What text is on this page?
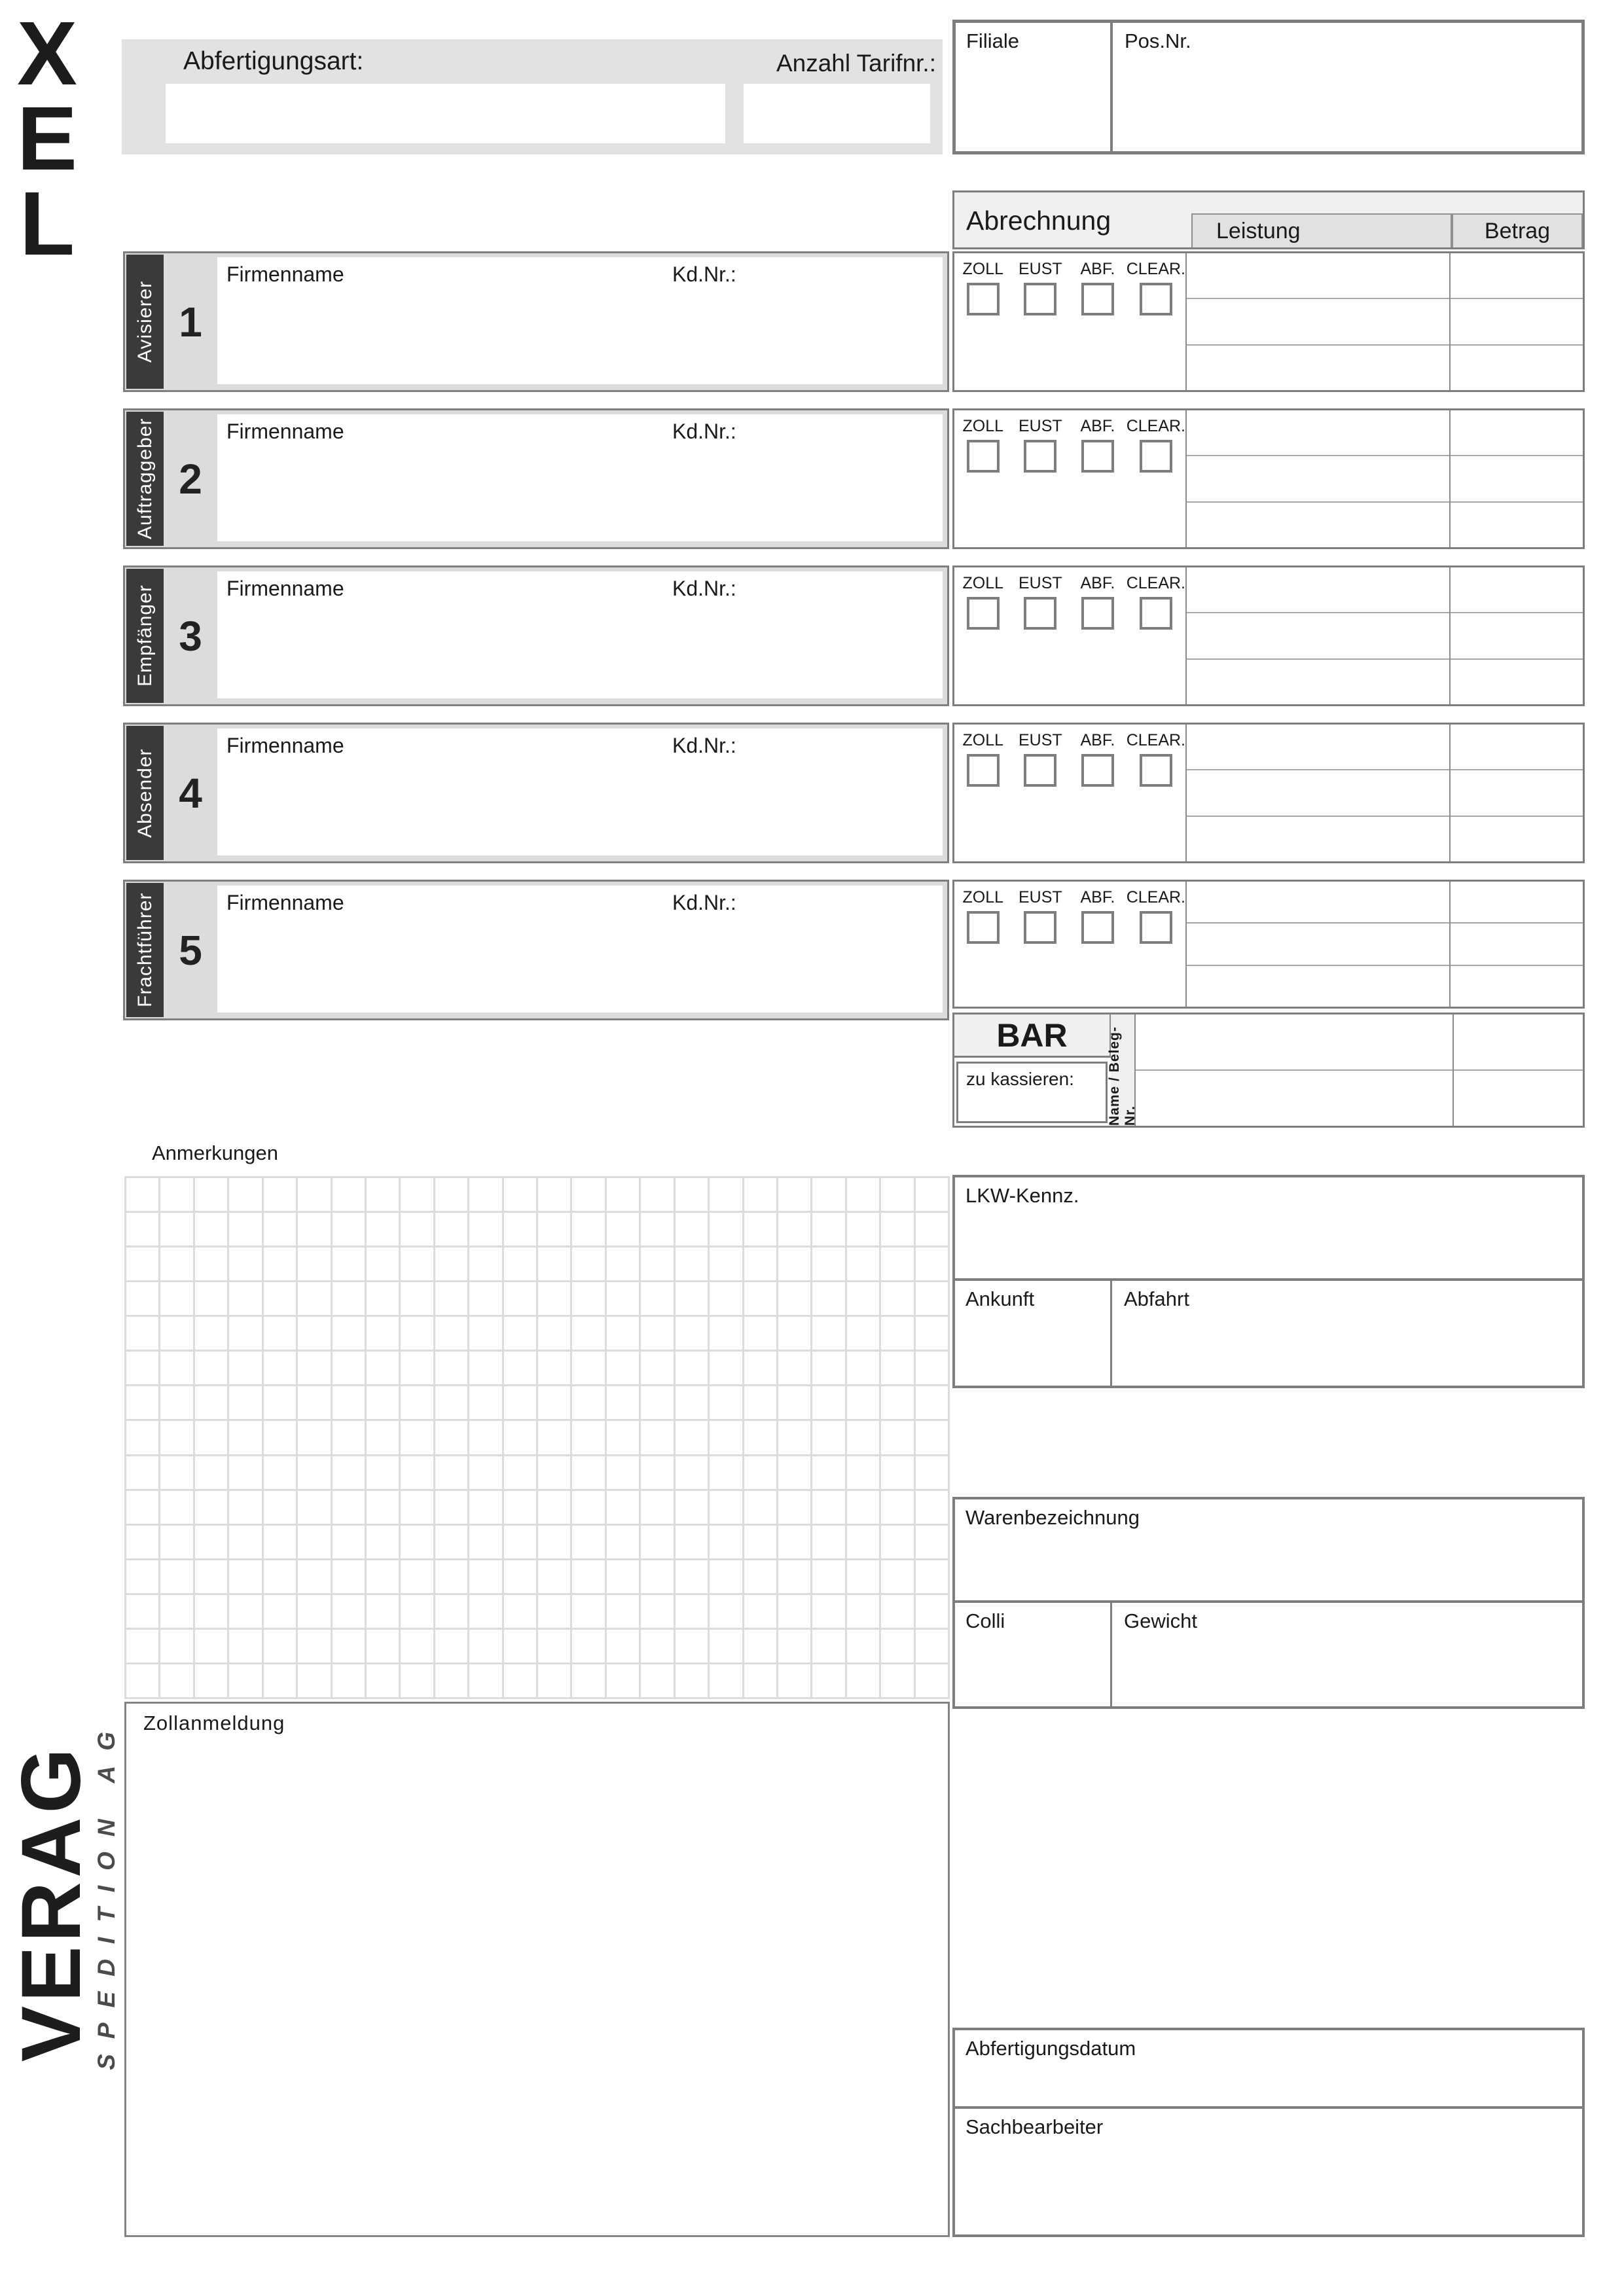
L
E
X	Abfertigungsart:	Anzahl Tarifnr.:
Filiale	Pos.Nr.
Abrechnung	Leistung	Betrag
Avisierer 1
Firmenname	Kd.Nr.:	ZOLL EUST ABF. CLEAR.
Auftraggeber 2
Firmenname	Kd.Nr.:	ZOLL EUST ABF. CLEAR.
Empfänger 3
Firmenname	Kd.Nr.:	ZOLL EUST ABF. CLEAR.
Absender 4
Firmenname	Kd.Nr.:	ZOLL EUST ABF. CLEAR.
Frachtführer 5
Firmenname	Kd.Nr.:	ZOLL EUST ABF. CLEAR.
BAR
zu kassieren:	Name / Beleg-Nr.
Anmerkungen
LKW-Kennz.
Ankunft	Abfahrt
Warenbezeichnung
Colli	Gewicht
Zollanmeldung
Abfertigungsdatum
Sachbearbeiter
VERAG
SPEDITION AG
